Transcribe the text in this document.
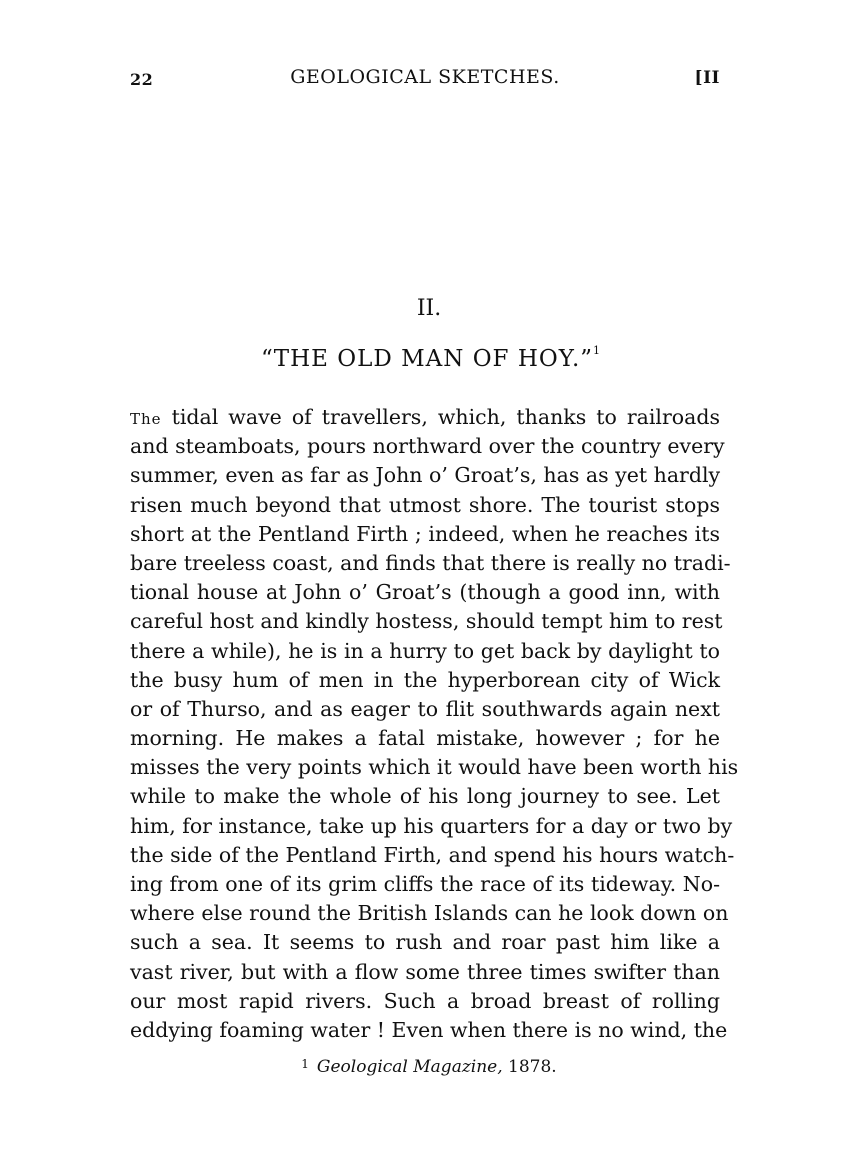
22	GEOLOGICAL SKETCHES.	[II
II.
“THE OLD MAN OF HOY.”$^1$
The tidal wave of travellers, which, thanks to railroads
and steamboats, pours northward over the country every
summer, even as far as John o’ Groat’s, has as yet hardly
risen much beyond that utmost shore. The tourist stops
short at the Pentland Firth ; indeed, when he reaches its
bare treeless coast, and finds that there is really no tradi-
tional house at John o’ Groat’s (though a good inn, with
careful host and kindly hostess, should tempt him to rest
there a while), he is in a hurry to get back by daylight to
the busy hum of men in the hyperborean city of Wick
or of Thurso, and as eager to flit southwards again next
morning. He makes a fatal mistake, however ; for he
misses the very points which it would have been worth his
while to make the whole of his long journey to see. Let
him, for instance, take up his quarters for a day or two by
the side of the Pentland Firth, and spend his hours watch-
ing from one of its grim cliffs the race of its tideway. No-
where else round the British Islands can he look down on
such a sea. It seems to rush and roar past him like a
vast river, but with a flow some three times swifter than
our most rapid rivers. Such a broad breast of rolling
eddying foaming water ! Even when there is no wind, the
$^1$ Geological Magazine, 1878.
